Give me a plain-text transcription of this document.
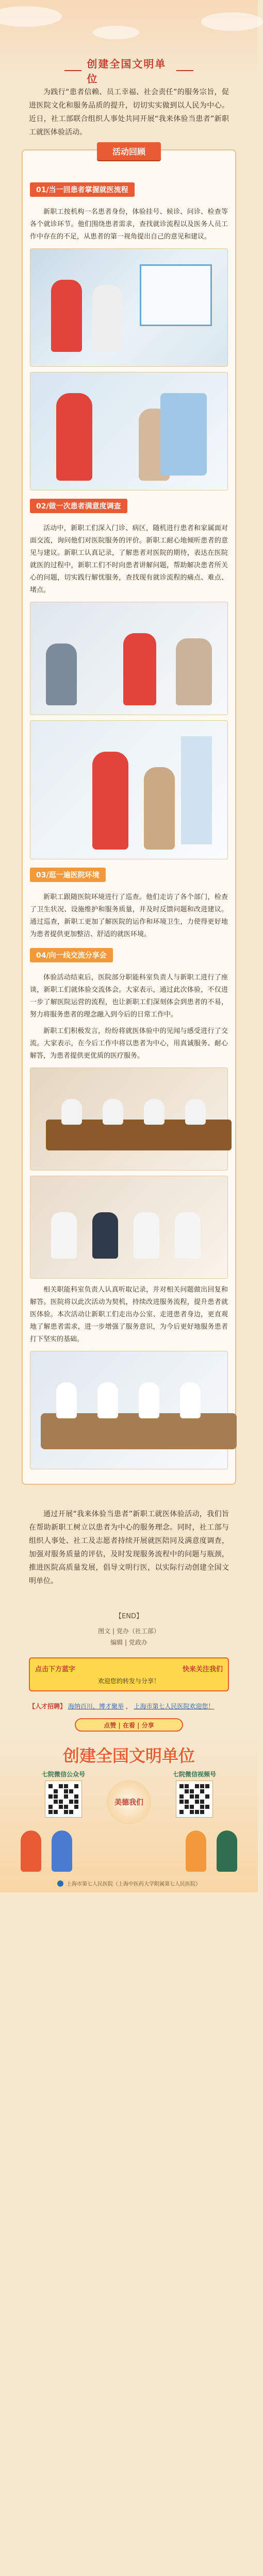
创建全国文明单位
为践行“患者信赖、员工幸福、社会责任”的服务宗旨，促进医院文化和服务品质的提升，切切实实做到以人民为中心。近日，社工部联合组织人事处共同开展“我来体验当患者”新职工就医体验活动。
活动回顾
01/当一回患者掌握就医流程
新职工按机构一名患者身份，体验挂号、候诊、问诊、检查等各个就诊环节。他们围绕患者需求，查找就诊流程以及医务人员工作中存在的不足，从患者的第一视角提出自己的意见和建议。
02/做一次患者满意度调查
活动中，新职工们深入门诊、病区，随机进行患者和家属面对面交流，询问他们对医院服务的评价。新职工耐心地倾听患者的意见与建议。新职工认真记录，了解患者对医院的期待，表达在医院就医的过程中，新职工们不时向患者讲解问题，帮助解决患者所关心的问题，切实践行解忧服务，查找现有就诊流程的痛点、难点、堵点。
03/逛一遍医院环境
新职工跟随医院环境进行了巡查。他们走访了各个部门，检查了卫生状况、设施维护和服务质量，并及时反馈问题和改进建议。通过巡查，新职工更加了解医院的运作和环境卫生，力使得更好地为患者提供更加整洁、舒适的就医环境。
04/向一线交流分享会
体验活动结束后，医院部分职能科室负责人与新职工进行了座谈，新职工们就体验交流体会。大家表示，通过此次体验，不仅进一步了解医院运营的流程，也让新职工们深刻体会到患者的不易，努力将服务患者的理念融入到今后的日常工作中。
新职工们积极发言，纷纷将就医体验中的见闻与感受进行了交流。大家表示，在今后工作中将以患者为中心，用真诚服务、耐心解答，为患者提供更优质的医疗服务。
相关职能科室负责人认真听取记录，并对相关问题做出回复和解答。医院将以此次活动为契机，持续改进服务流程，提升患者就医体验。本次活动让新职工们走出办公室、走进患者身边，更直观地了解患者需求，进一步增强了服务意识，为今后更好地服务患者打下坚实的基础。
通过开展“我来体验当患者”新职工就医体验活动，我们旨在帮助新职工树立以患者为中心的服务理念。同时，社工部与组织人事处、社工及志愿者持续开展就医陪同及满意度调查，加强对服务质量的评估，及时发现服务流程中的问题与瓶颈，推进医院高质量发展，倡导文明行医，以实际行动创建全国文明单位。
【END】
图文 | 党办（社工部）
编辑 | 党政办
点击下方蓝字	快来关注我们
欢迎您的转发与分享！
【人才招聘】 海纳百川，博才聚举 ， 上海市第七人民医院欢迎您！
点赞 | 在看 | 分享
创建全国文明单位
七院微信公众号	七院微信视频号
美德我们
上海市第七人民医院（上海中医药大学附属第七人民医院）
